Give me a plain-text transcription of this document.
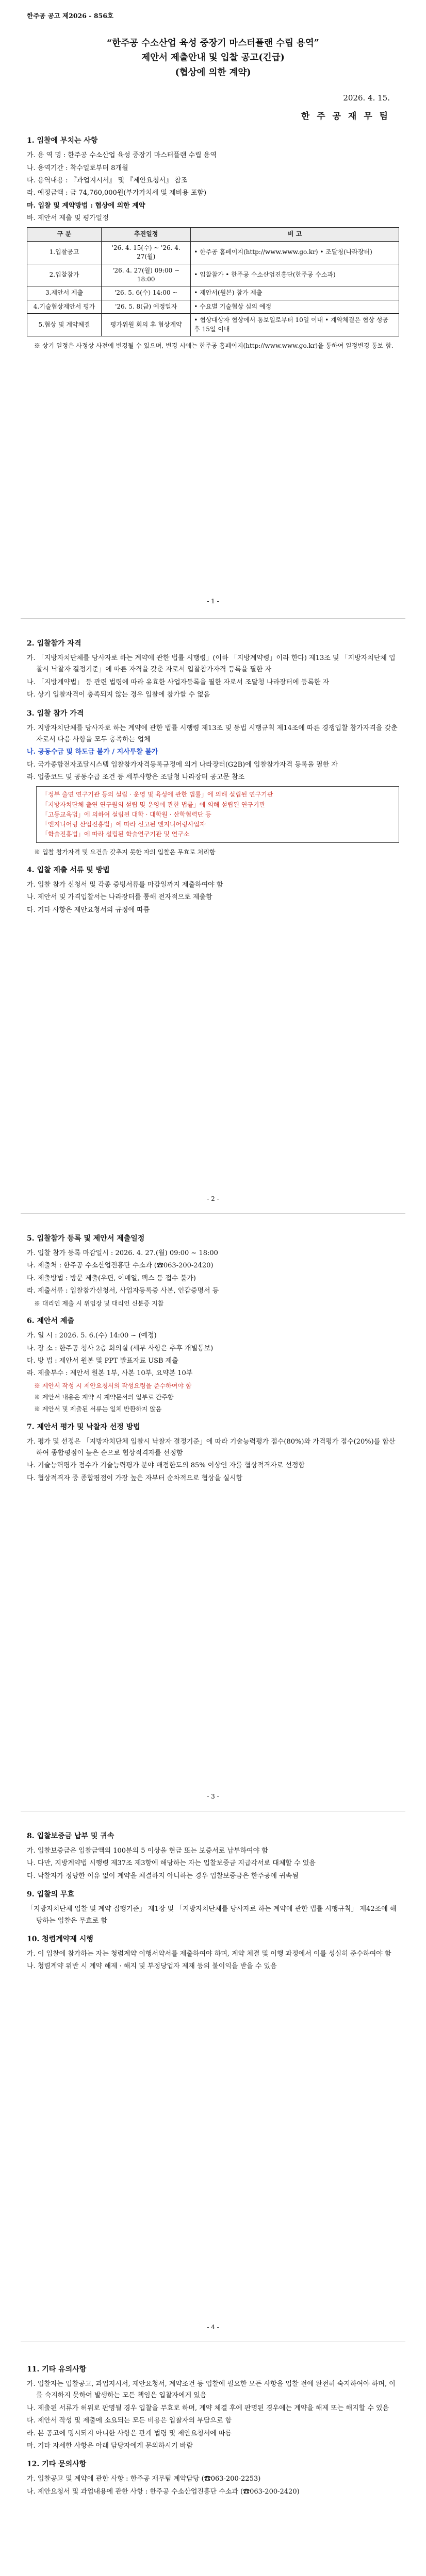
한주공 공고 제2026 - 856호
“한주공 수소산업 육성 중장기 마스터플랜 수립 용역”
제안서 제출안내 및 입찰 공고(긴급)
(협상에 의한 계약)
2026. 4. 15.
한 주 공 재 무 팀
1. 입찰에 부치는 사항
가. 용 역 명 : 한주공 수소산업 육성 중장기 마스터플랜 수립 용역
나. 용역기간 : 착수일로부터 8개월
다. 용역내용 : 『과업지시서』 및 『제안요청서』 참조
라. 예정금액 : 금 74,760,000원(부가가치세 및 제비용 포함)
마. 입찰 및 계약방법 : 협상에 의한 계약
바. 제안서 제출 및 평가일정
구 분	추진일정	비 고
1.입찰공고	'26. 4. 15(수) ~ '26. 4. 27(월)	• 한주공 홈페이지(http://www.www.go.kr) • 조달청(나라장터)
2.입찰참가	'26. 4. 27(월) 09:00 ~ 18:00	• 입찰참가 • 한주공 수소산업진흥단(한주공 수소과)
3.제안서 제출	'26. 5. 6(수) 14:00 ~	• 제안서(원본) 참가 제출
4.기술협상제안서 평가	'26. 5. 8(금) 예정일자	• 수요별 기술협상 심의 예정
5.협상 및 계약체결	평가위원 회의 후 협상계약	• 협상대상자 협상에서 통보일로부터 10일 이내 • 계약체결은 협상 성공 후 15일 이내
※ 상기 일정은 사정상 사전에 변경될 수 있으며, 변경 시에는 한주공 홈페이지(http://www.www.go.kr)을 통하여 일정변경 통보 함.
- 1 -
2. 입찰참가 자격
가. 「지방자치단체를 당사자로 하는 계약에 관한 법률 시행령」(이하 「지방계약령」이라 한다) 제13조 및 「지방자치단체 입찰시 낙찰자 결정기준」에 따른 자격을 갖춘 자로서 입찰참가자격 등록을 필한 자
나. 「지방계약법」 등 관련 법령에 따라 유효한 사업자등록을 필한 자로서 조달청 나라장터에 등록한 자
다. 상기 입찰자격이 충족되지 않는 경우 입찰에 참가할 수 없음
3. 입찰 참가 가격
가. 지방자치단체를 당사자로 하는 계약에 관한 법률 시행령 제13조 및 동법 시행규칙 제14조에 따른 경쟁입찰 참가자격을 갖춘 자로서 다음 사항을 모두 충족하는 업체
나. 공동수급 및 하도급 불가 / 지사투찰 불가
다. 국가종합전자조달시스템 입찰참가자격등록규정에 의거 나라장터(G2B)에 입찰참가자격 등록을 필한 자
라. 업종코드 및 공동수급 조건 등 세부사항은 조달청 나라장터 공고문 참조
「정부 출연 연구기관 등의 설립 · 운영 및 육성에 관한 법률」에 의해 설립된 연구기관
「지방자치단체 출연 연구원의 설립 및 운영에 관한 법률」에 의해 설립된 연구기관
「고등교육법」에 의하여 설립된 대학 · 대학원 · 산학협력단 등
「엔지니어링 산업진흥법」에 따라 신고된 엔지니어링사업자
「학술진흥법」에 따라 설립된 학술연구기관 및 연구소
※ 입찰 참가자격 및 요건을 갖추지 못한 자의 입찰은 무효로 처리함
4. 입찰 제출 서류 및 방법
가. 입찰 참가 신청서 및 각종 증빙서류를 마감일까지 제출하여야 함
나. 제안서 및 가격입찰서는 나라장터를 통해 전자적으로 제출함
다. 기타 사항은 제안요청서의 규정에 따름
- 2 -
5. 입찰참가 등록 및 제안서 제출일정
가. 입찰 참가 등록 마감일시 : 2026. 4. 27.(월) 09:00 ~ 18:00
나. 제출처 : 한주공 수소산업진흥단 수소과 (☎063-200-2420)
다. 제출방법 : 방문 제출(우편, 이메일, 팩스 등 접수 불가)
라. 제출서류 : 입찰참가신청서, 사업자등록증 사본, 인감증명서 등
※ 대리인 제출 시 위임장 및 대리인 신분증 지참
6. 제안서 제출
가. 일 시 : 2026. 5. 6.(수) 14:00 ~ (예정)
나. 장 소 : 한주공 청사 2층 회의실 (세부 사항은 추후 개별통보)
다. 방 법 : 제안서 원본 및 PPT 발표자료 USB 제출
라. 제출부수 : 제안서 원본 1부, 사본 10부, 요약본 10부
※ 제안서 작성 시 제안요청서의 작성요령을 준수하여야 함
※ 제안서 내용은 계약 시 계약문서의 일부로 간주함
※ 제안서 및 제출된 서류는 일체 반환하지 않음
7. 제안서 평가 및 낙찰자 선정 방법
가. 평가 및 선정은 「지방자치단체 입찰시 낙찰자 결정기준」에 따라 기술능력평가 점수(80%)와 가격평가 점수(20%)를 합산하여 종합평점이 높은 순으로 협상적격자를 선정함
나. 기술능력평가 점수가 기술능력평가 분야 배점한도의 85% 이상인 자를 협상적격자로 선정함
다. 협상적격자 중 종합평점이 가장 높은 자부터 순차적으로 협상을 실시함
- 3 -
8. 입찰보증금 납부 및 귀속
가. 입찰보증금은 입찰금액의 100분의 5 이상을 현금 또는 보증서로 납부하여야 함
나. 다만, 지방계약법 시행령 제37조 제3항에 해당하는 자는 입찰보증금 지급각서로 대체할 수 있음
다. 낙찰자가 정당한 이유 없이 계약을 체결하지 아니하는 경우 입찰보증금은 한주공에 귀속됨
9. 입찰의 무효
「지방자치단체 입찰 및 계약 집행기준」 제1장 및 「지방자치단체를 당사자로 하는 계약에 관한 법률 시행규칙」 제42조에 해당하는 입찰은 무효로 함
10. 청렴계약제 시행
가. 이 입찰에 참가하는 자는 청렴계약 이행서약서를 제출하여야 하며, 계약 체결 및 이행 과정에서 이를 성실히 준수하여야 함
나. 청렴계약 위반 시 계약 해제 · 해지 및 부정당업자 제재 등의 불이익을 받을 수 있음
- 4 -
11. 기타 유의사항
가. 입찰자는 입찰공고, 과업지시서, 제안요청서, 계약조건 등 입찰에 필요한 모든 사항을 입찰 전에 완전히 숙지하여야 하며, 이를 숙지하지 못하여 발생하는 모든 책임은 입찰자에게 있음
나. 제출된 서류가 허위로 판명될 경우 입찰을 무효로 하며, 계약 체결 후에 판명된 경우에는 계약을 해제 또는 해지할 수 있음
다. 제안서 작성 및 제출에 소요되는 모든 비용은 입찰자의 부담으로 함
라. 본 공고에 명시되지 아니한 사항은 관계 법령 및 제안요청서에 따름
마. 기타 자세한 사항은 아래 담당자에게 문의하시기 바람
12. 기타 문의사항
가. 입찰공고 및 계약에 관한 사항 : 한주공 재무팀 계약담당 (☎063-200-2253)
나. 제안요청서 및 과업내용에 관한 사항 : 한주공 수소산업진흥단 수소과 (☎063-200-2420)
